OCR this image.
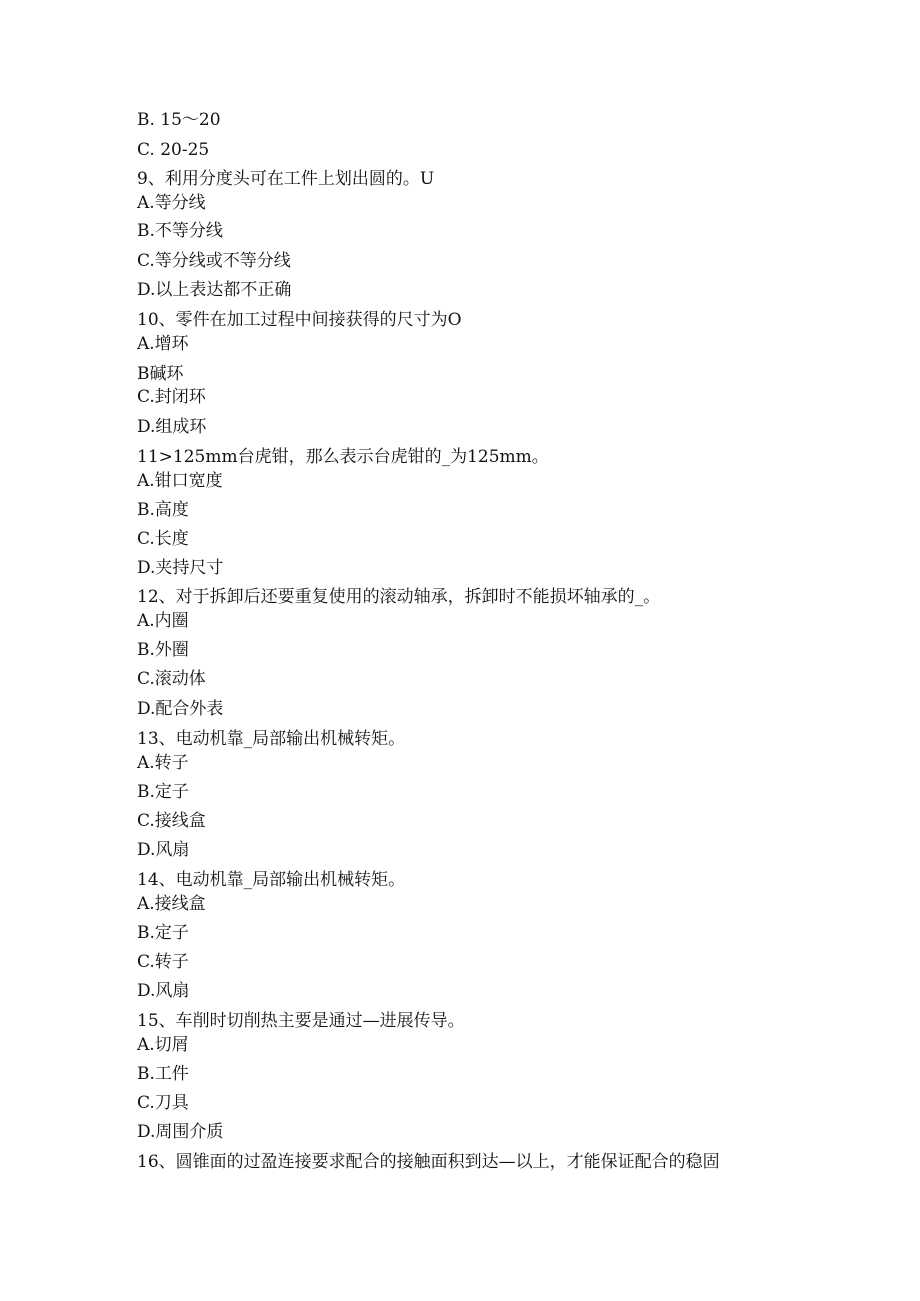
B. 15～20
C. 20-25
9、利用分度头可在工件上划出圆的。U
A.等分线
B.不等分线
C.等分线或不等分线
D.以上表达都不正确
10、零件在加工过程中间接获得的尺寸为O
A.增环
B碱环
C.封闭环
D.组成环
11>125mm台虎钳，那么表示台虎钳的_为125mm。
A.钳口宽度
B.高度
C.长度
D.夹持尺寸
12、对于拆卸后还要重复使用的滚动轴承，拆卸时不能损坏轴承的_。
A.内圈
B.外圈
C.滚动体
D.配合外表
13、电动机靠_局部输出机械转矩。
A.转子
B.定子
C.接线盒
D.风扇
14、电动机靠_局部输出机械转矩。
A.接线盒
B.定子
C.转子
D.风扇
15、车削时切削热主要是通过—进展传导。
A.切屑
B.工件
C.刀具
D.周围介质
16、圆锥面的过盈连接要求配合的接触面积到达—以上，才能保证配合的稳固
